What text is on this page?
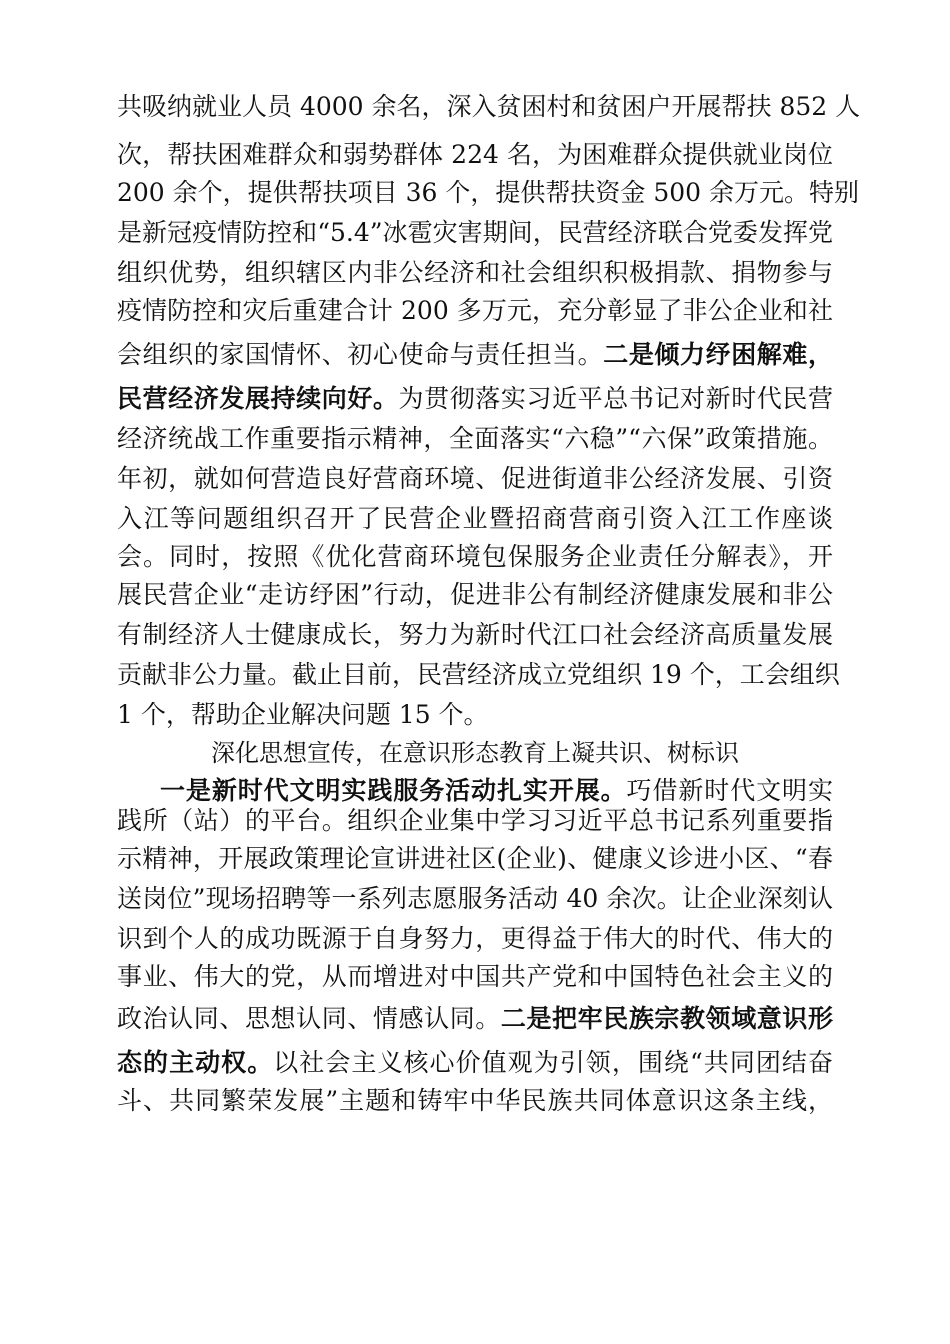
共吸纳就业人员 4000 余名，深入贫困村和贫困户开展帮扶 852 人
次，帮扶困难群众和弱势群体 224 名，为困难群众提供就业岗位
200 余个，提供帮扶项目 36 个，提供帮扶资金 500 余万元。特别
是新冠疫情防控和“5.4”冰雹灾害期间，民营经济联合党委发挥党
组织优势，组织辖区内非公经济和社会组织积极捐款、捐物参与
疫情防控和灾后重建合计 200 多万元，充分彰显了非公企业和社
会组织的家国情怀、初心使命与责任担当。二是倾力纾困解难，
民营经济发展持续向好。为贯彻落实习近平总书记对新时代民营
经济统战工作重要指示精神，全面落实“六稳”“六保”政策措施。
年初，就如何营造良好营商环境、促进街道非公经济发展、引资
入江等问题组织召开了民营企业暨招商营商引资入江工作座谈
会。同时，按照《优化营商环境包保服务企业责任分解表》，开
展民营企业“走访纾困”行动，促进非公有制经济健康发展和非公
有制经济人士健康成长，努力为新时代江口社会经济高质量发展
贡献非公力量。截止目前，民营经济成立党组织 19 个，工会组织
1 个，帮助企业解决问题 15 个。
深化思想宣传，在意识形态教育上凝共识、树标识
一是新时代文明实践服务活动扎实开展。巧借新时代文明实
践所（站）的平台。组织企业集中学习习近平总书记系列重要指
示精神，开展政策理论宣讲进社区(企业)、健康义诊进小区、“春
送岗位”现场招聘等一系列志愿服务活动 40 余次。让企业深刻认
识到个人的成功既源于自身努力，更得益于伟大的时代、伟大的
事业、伟大的党，从而增进对中国共产党和中国特色社会主义的
政治认同、思想认同、情感认同。二是把牢民族宗教领域意识形
态的主动权。以社会主义核心价值观为引领，围绕“共同团结奋
斗、共同繁荣发展”主题和铸牢中华民族共同体意识这条主线，
